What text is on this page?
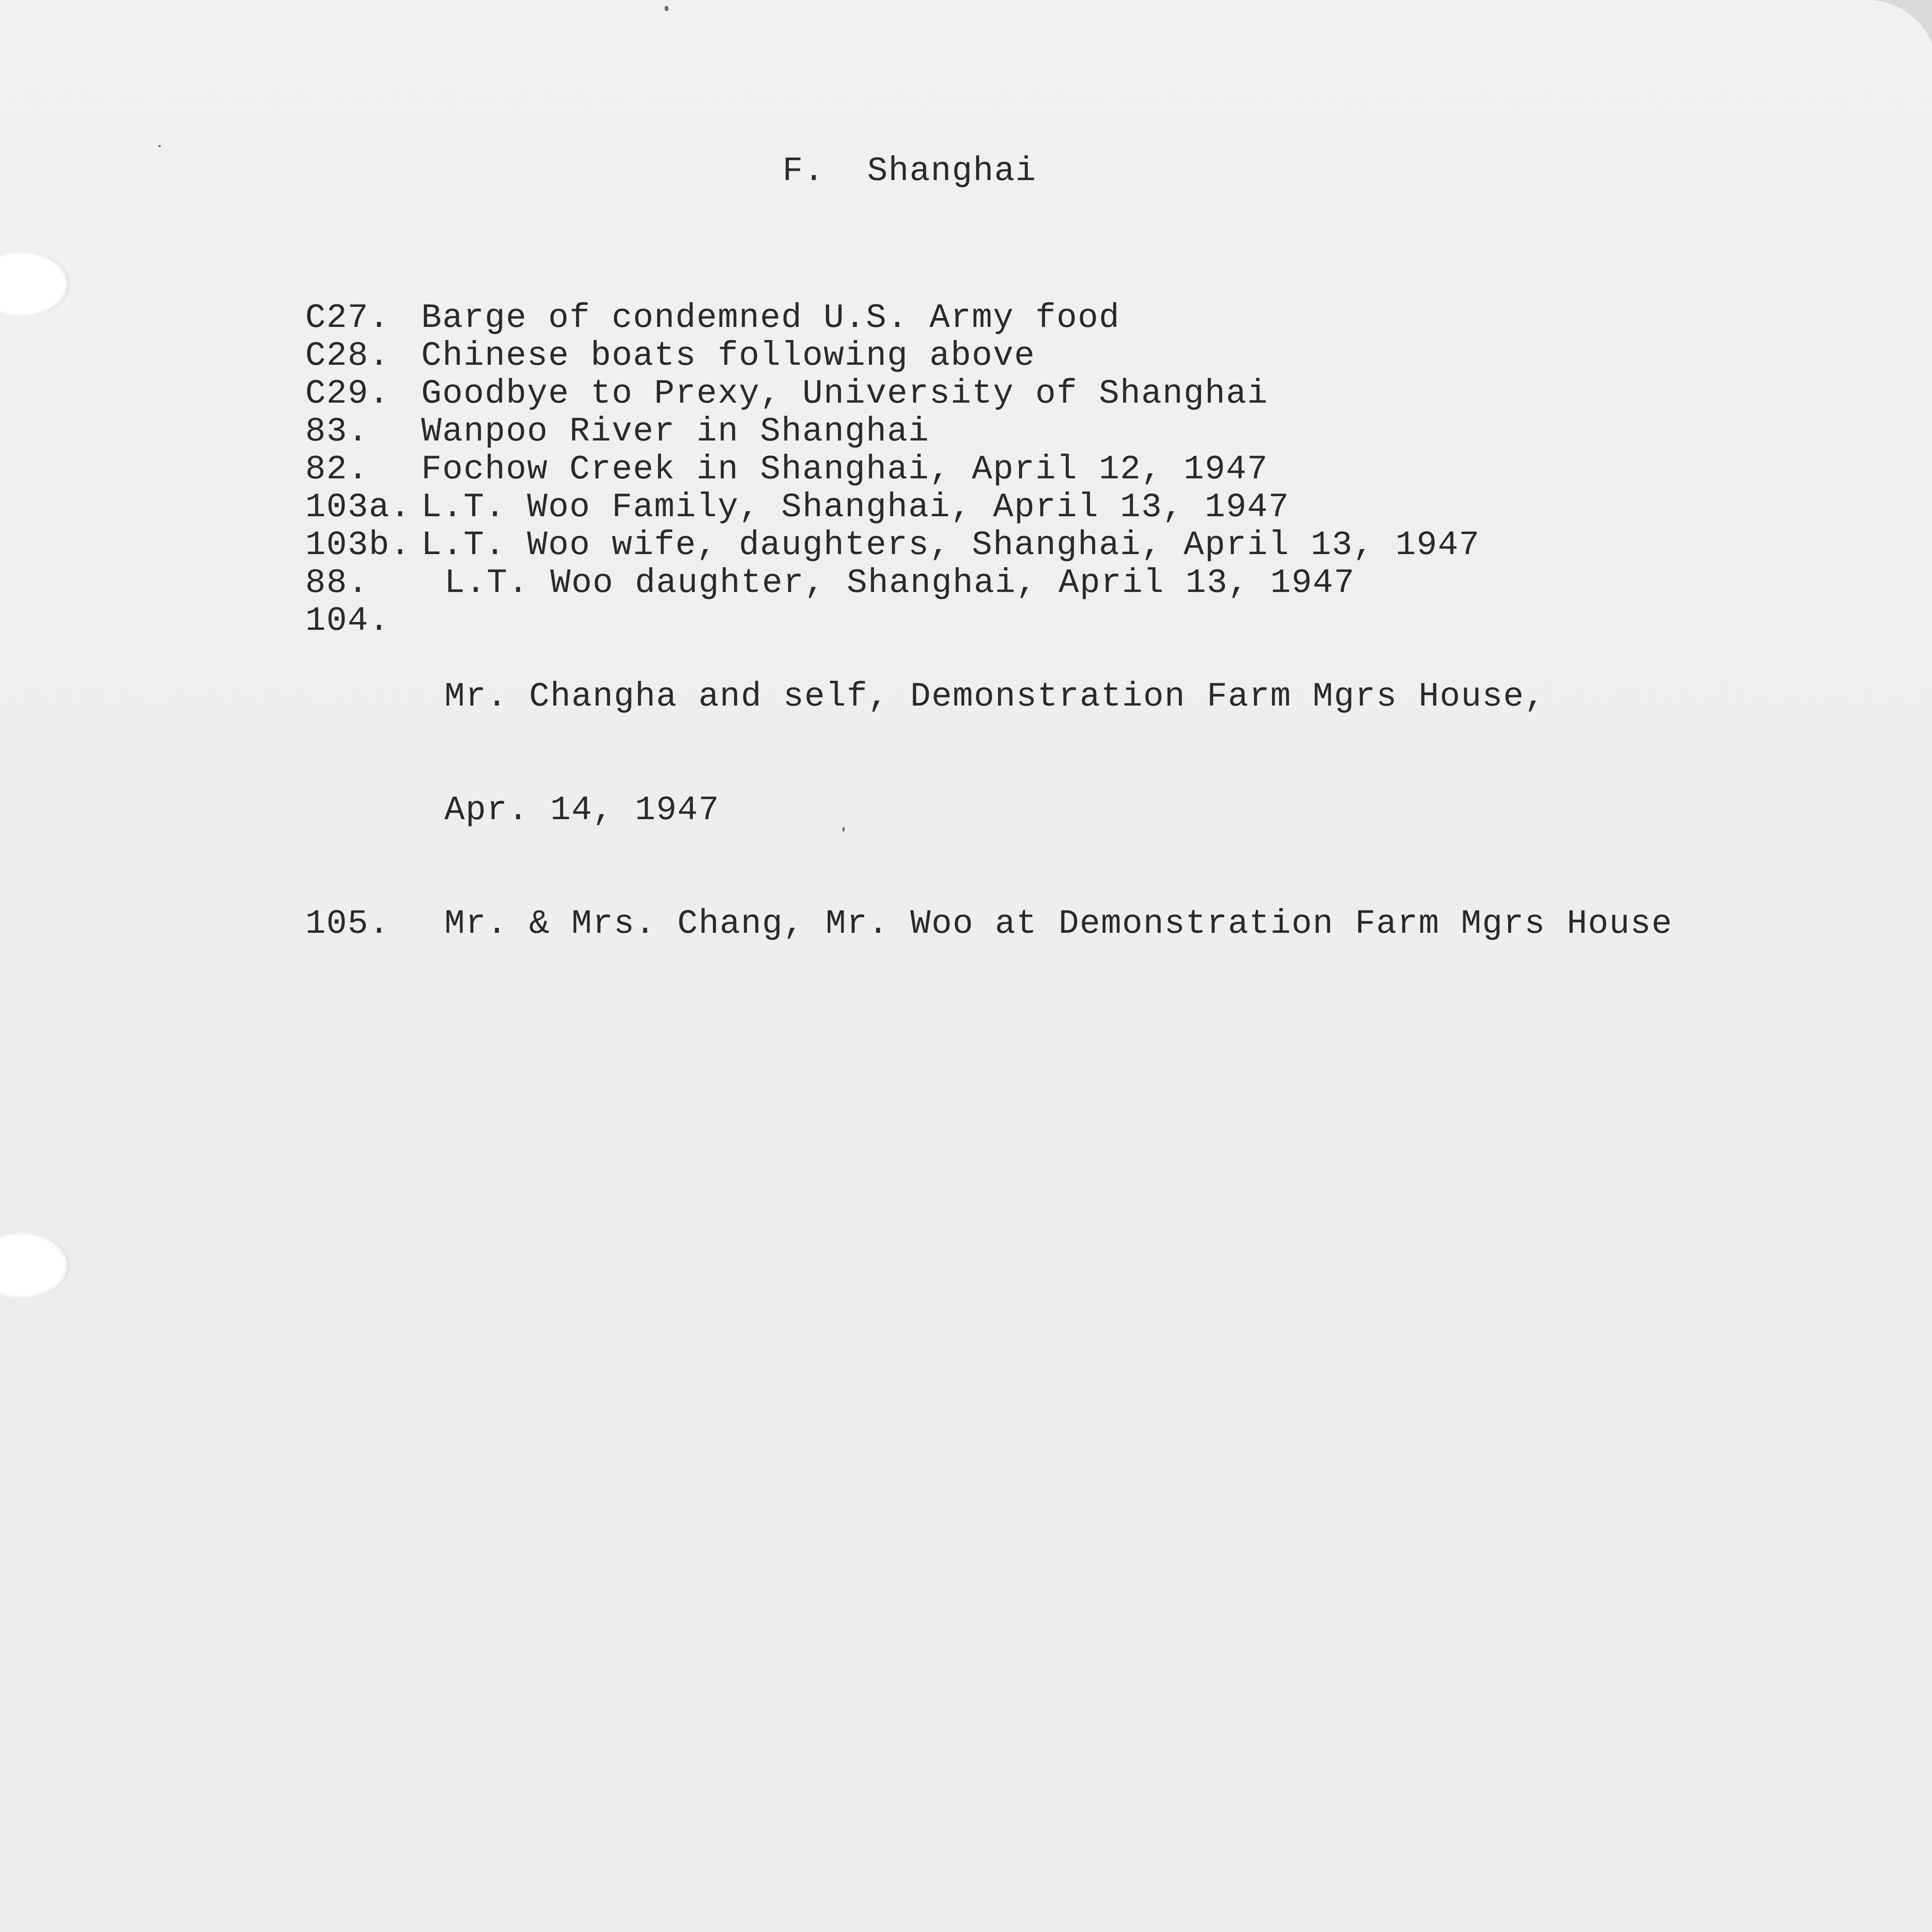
F.  Shanghai
C27. Barge of condemned U.S. Army food
C28. Chinese boats following above
C29. Goodbye to Prexy, University of Shanghai
83.	Wanpoo River in Shanghai
82.	Fochow Creek in Shanghai, April 12, 1947
103a. L.T. Woo Family, Shanghai, April 13, 1947
103b. L.T. Woo wife, daughters, Shanghai, April 13, 1947
88.	L.T. Woo daughter, Shanghai, April 13, 1947
104.

Mr. Changha and self, Demonstration Farm Mgrs House,

Apr. 14, 1947

105.	Mr. & Mrs. Chang, Mr. Woo at Demonstration Farm Mgrs House
